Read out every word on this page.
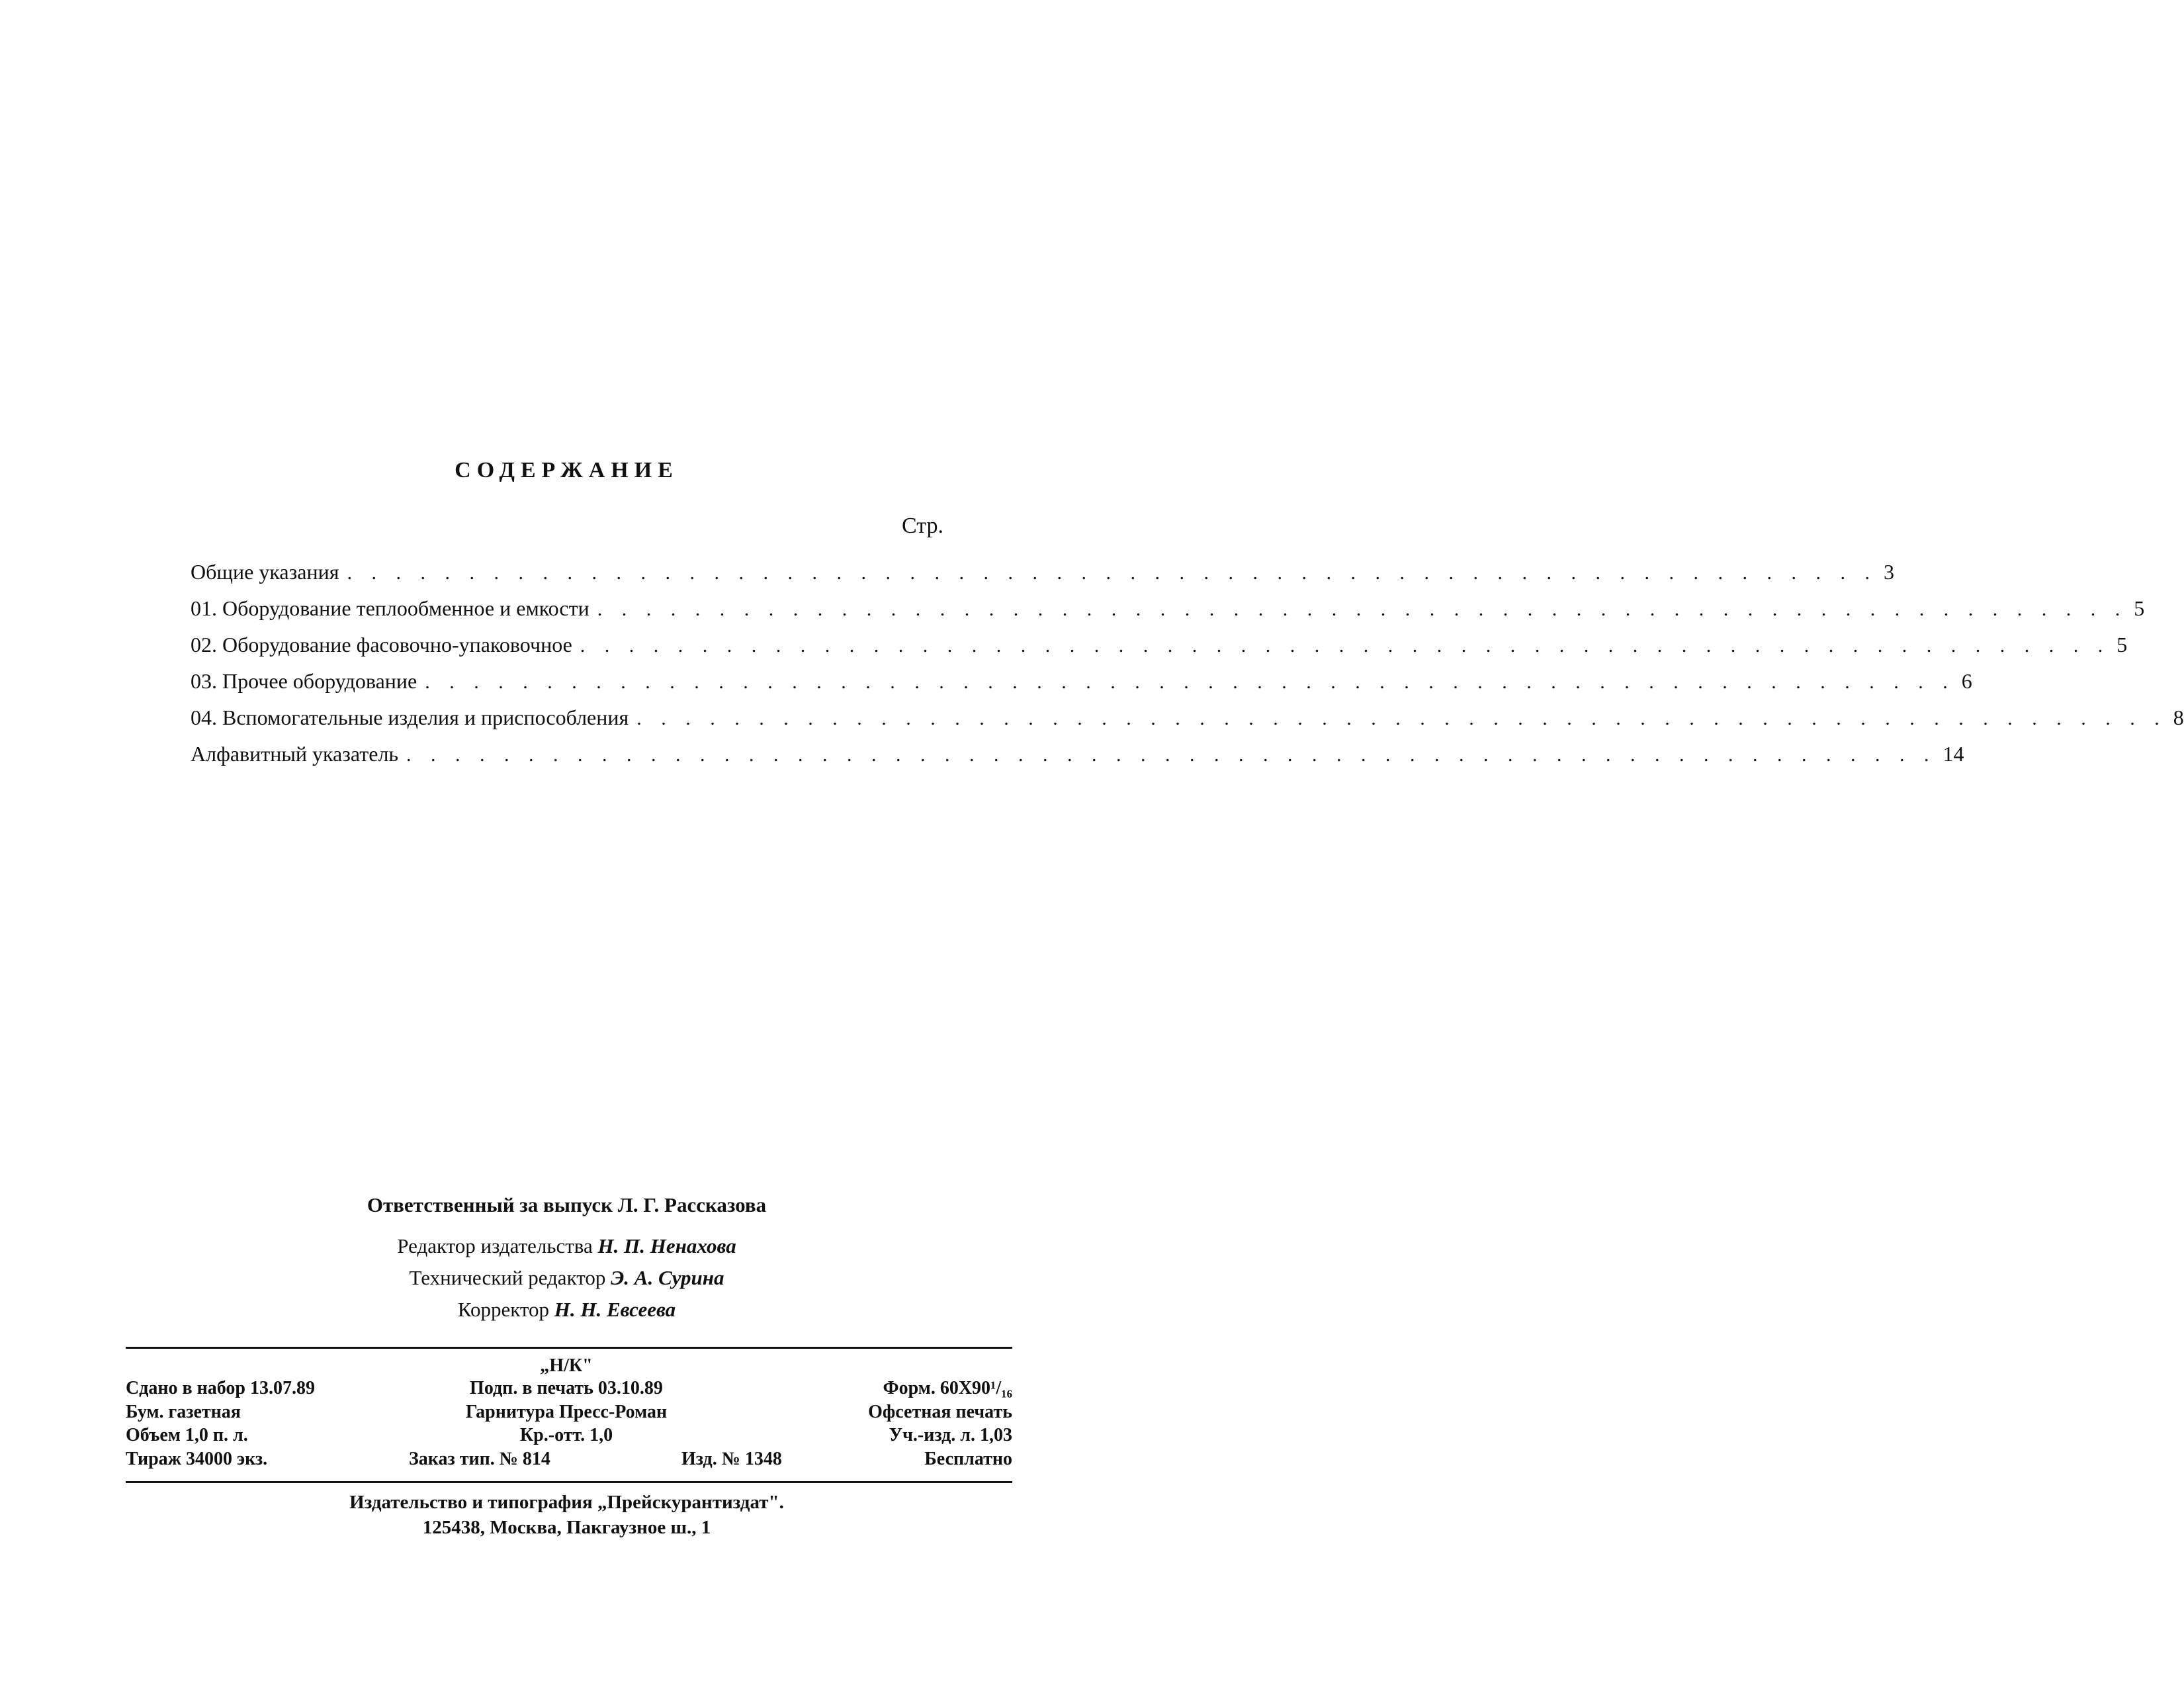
СОДЕРЖАНИЕ
Стр.
Общие указания . . . . . . . . . . . . . . . . . . . . . . . . . . . . . . . . . . . . . . . . . . . . . . . . . . . . . . . . . . . . . . . 3
01. Оборудование теплообменное и емкости . . . . . . . . . . . . . . . . . . . . . . . . . . . . . . . . . . . . . . . . . . . . . . . . . . . . . . . . . . . . . . . 5
02. Оборудование фасовочно-упаковочное . . . . . . . . . . . . . . . . . . . . . . . . . . . . . . . . . . . . . . . . . . . . . . . . . . . . . . . . . . . . . . . 5
03. Прочее оборудование . . . . . . . . . . . . . . . . . . . . . . . . . . . . . . . . . . . . . . . . . . . . . . . . . . . . . . . . . . . . . . . 6
04. Вспомогательные изделия и приспособления . . . . . . . . . . . . . . . . . . . . . . . . . . . . . . . . . . . . . . . . . . . . . . . . . . . . . . . . . . . . . . . 8
Алфавитный указатель . . . . . . . . . . . . . . . . . . . . . . . . . . . . . . . . . . . . . . . . . . . . . . . . . . . . . . . . . . . . . . . 14
Ответственный за выпуск Л. Г. Рассказова
Редактор издательства Н. П. Ненахова
Технический редактор Э. А. Сурина
Корректор Н. Н. Евсеева
„Н/К"
Сдано в набор 13.07.89	Подп. в печать 03.10.89	Форм. 60Х90¹/₁₆
Бум. газетная	Гарнитура Пресс-Роман	Офсетная печать
Объем 1,0 п. л.	Кр.-отт. 1,0	Уч.-изд. л. 1,03
Тираж 34000 экз.	Заказ тип. № 814	Изд. № 1348	Бесплатно
Издательство и типография „Прейскурантиздат".
125438, Москва, Пакгаузное ш., 1
